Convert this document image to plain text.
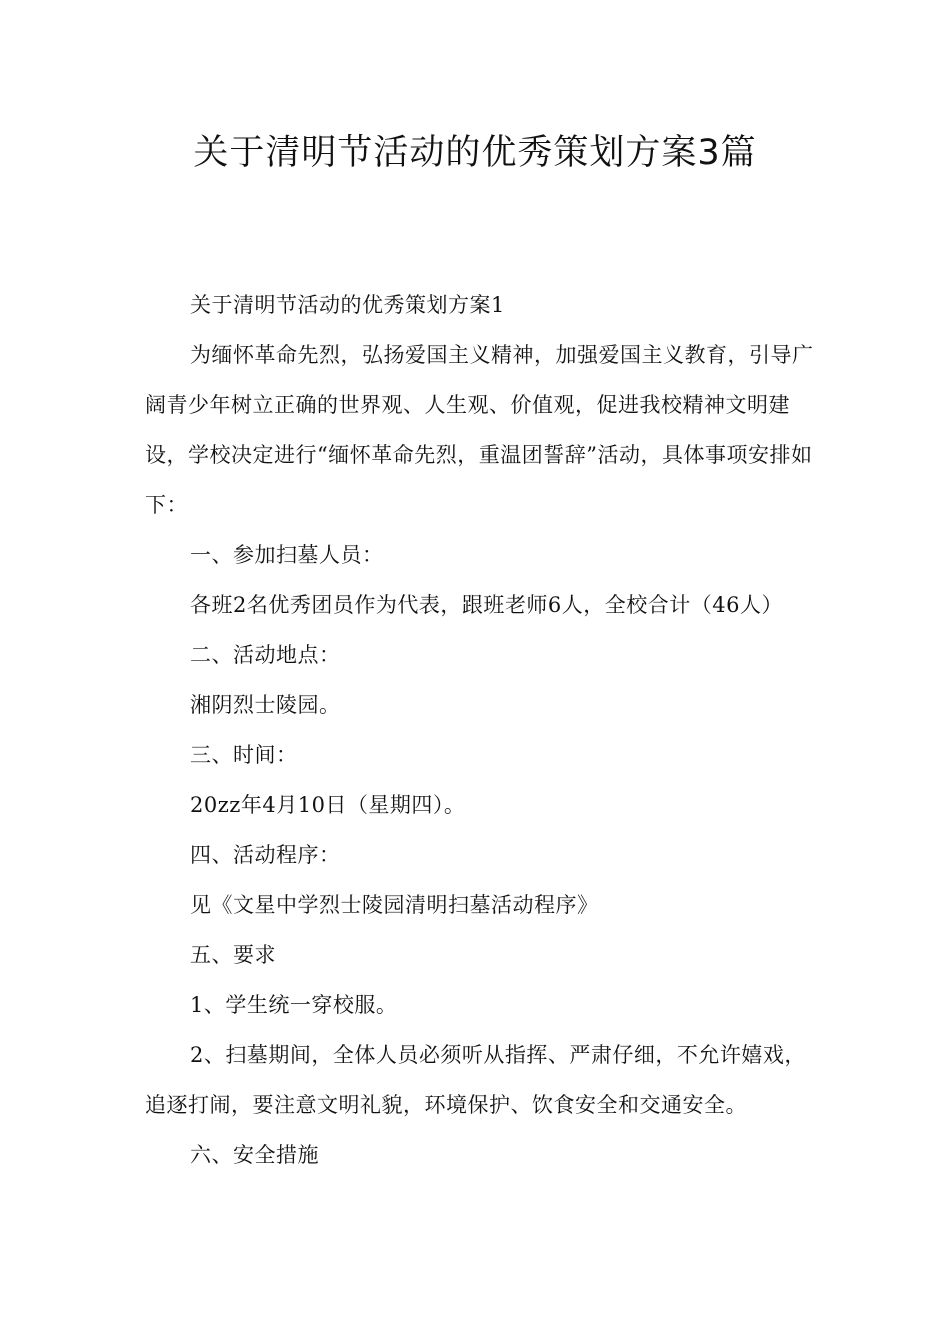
关于清明节活动的优秀策划方案3篇

关于清明节活动的优秀策划方案1

为缅怀革命先烈，弘扬爱国主义精神，加强爱国主义教育，引导广阔青少年树立正确的世界观、人生观、价值观，促进我校精神文明建设，学校决定进行“缅怀革命先烈，重温团誓辞”活动，具体事项安排如下：

一、参加扫墓人员：

各班2名优秀团员作为代表，跟班老师6人，全校合计（46人）

二、活动地点：

湘阴烈士陵园。

三、时间：

20zz年4月10日（星期四）。

四、活动程序：

见《文星中学烈士陵园清明扫墓活动程序》

五、要求

1、学生统一穿校服。

2、扫墓期间，全体人员必须听从指挥、严肃仔细，不允许嬉戏，追逐打闹，要注意文明礼貌，环境保护、饮食安全和交通安全。

六、安全措施
